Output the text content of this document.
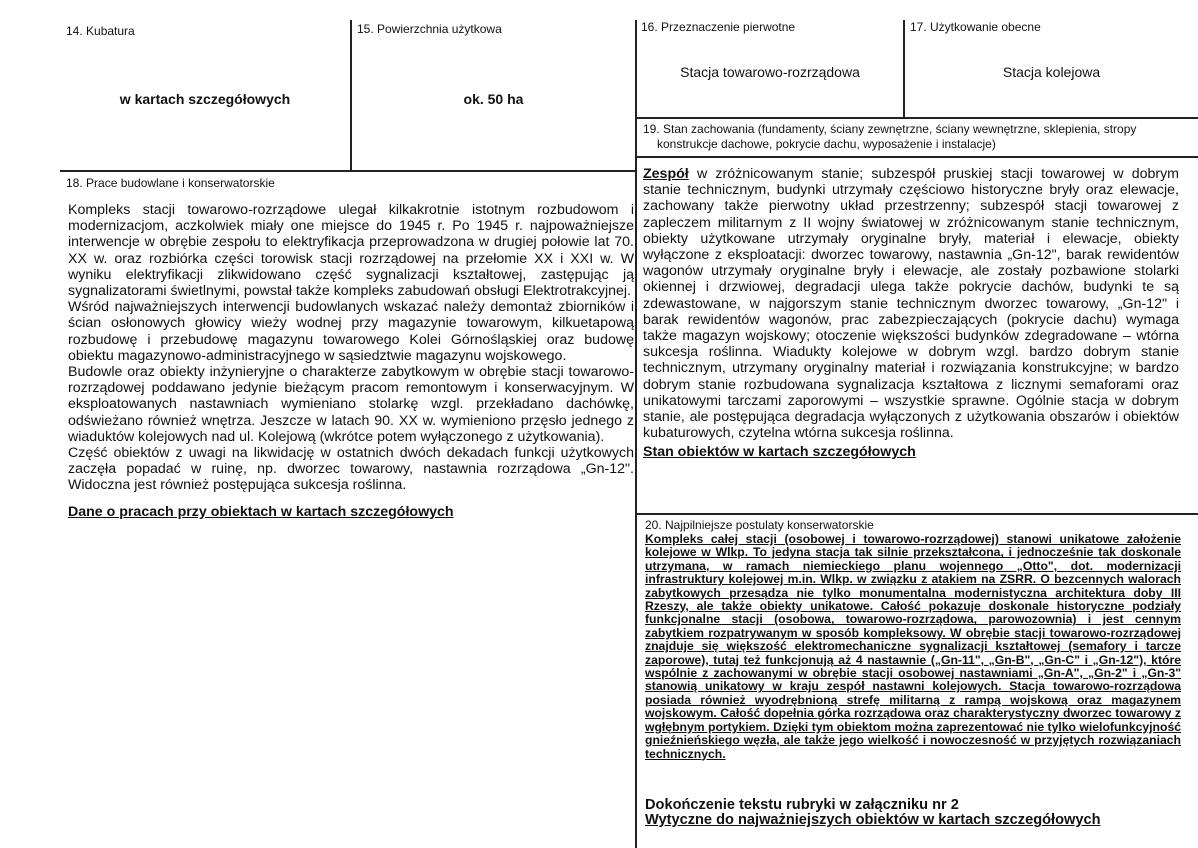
14. Kubatura
w kartach szczegółowych
15. Powierzchnia użytkowa
ok. 50 ha
16. Przeznaczenie pierwotne
Stacja towarowo-rozrządowa
17. Użytkowanie obecne
Stacja kolejowa
18. Prace budowlane i konserwatorskie

Kompleks stacji towarowo-rozrządowe ulegał kilkakrotnie istotnym rozbudowom i modernizacjom, aczkolwiek miały one miejsce do 1945 r. Po 1945 r. najpoważniejsze interwencje w obrębie zespołu to elektryfikacja przeprowadzona w drugiej połowie lat 70. XX w. oraz rozbiórka części torowisk stacji rozrządowej na przełomie XX i XXI w. W wyniku elektryfikacji zlikwidowano część sygnalizacji kształtowej, zastępując ją sygnalizatorami świetlnymi, powstał także kompleks zabudowań obsługi Elektrotrakcyjnej.

Wśród najważniejszych interwencji budowlanych wskazać należy demontaż zbiorników i ścian osłonowych głowicy wieży wodnej przy magazynie towarowym, kilkuetapową rozbudowę i przebudowę magazynu towarowego Kolei Górnośląskiej oraz budowę obiektu magazynowo-administracyjnego w sąsiedztwie magazynu wojskowego.

Budowle oraz obiekty inżynieryjne o charakterze zabytkowym w obrębie stacji towarowo-rozrządowej poddawano jedynie bieżącym pracom remontowym i konserwacyjnym. W eksploatowanych nastawniach wymieniano stolarkę wzgl. przekładano dachówkę, odświeżano również wnętrza. Jeszcze w latach 90. XX w. wymieniono przęsło jednego z wiaduktów kolejowych nad ul. Kolejową (wkrótce potem wyłączonego z użytkowania).

Część obiektów z uwagi na likwidację w ostatnich dwóch dekadach funkcji użytkowych zaczęła popadać w ruinę, np. dworzec towarowy, nastawnia rozrządowa „Gn-12". Widoczna jest również postępująca sukcesja roślinna.

Dane o pracach przy obiektach w kartach szczegółowych

19. Stan zachowania (fundamenty, ściany zewnętrzne, ściany wewnętrzne, sklepienia, stropy
konstrukcje dachowe, pokrycie dachu, wyposażenie i instalacje)

Zespół w zróżnicowanym stanie; subzespół pruskiej stacji towarowej w dobrym stanie technicznym, budynki utrzymały częściowo historyczne bryły oraz elewacje, zachowany także pierwotny układ przestrzenny; subzespół stacji towarowej z zapleczem militarnym z II wojny światowej w zróżnicowanym stanie technicznym, obiekty użytkowane utrzymały oryginalne bryły, materiał i elewacje, obiekty wyłączone z eksploatacji: dworzec towarowy, nastawnia „Gn-12", barak rewidentów wagonów utrzymały oryginalne bryły i elewacje, ale zostały pozbawione stolarki okiennej i drzwiowej, degradacji ulega także pokrycie dachów, budynki te są zdewastowane, w najgorszym stanie technicznym dworzec towarowy, „Gn-12" i barak rewidentów wagonów, prac zabezpieczających (pokrycie dachu) wymaga także magazyn wojskowy; otoczenie większości budynków zdegradowane – wtórna sukcesja roślinna. Wiadukty kolejowe w dobrym wzgl. bardzo dobrym stanie technicznym, utrzymany oryginalny materiał i rozwiązania konstrukcyjne; w bardzo dobrym stanie rozbudowana sygnalizacja kształtowa z licznymi semaforami oraz unikatowymi tarczami zaporowymi – wszystkie sprawne. Ogólnie stacja w dobrym stanie, ale postępująca degradacja wyłączonych z użytkowania obszarów i obiektów kubaturowych, czytelna wtórna sukcesja roślinna.

Stan obiektów w kartach szczegółowych

20. Najpilniejsze postulaty konserwatorskie
Kompleks całej stacji (osobowej i towarowo-rozrządowej) stanowi unikatowe założenie kolejowe w Wlkp. To jedyna stacja tak silnie przekształcona, i jednocześnie tak doskonale utrzymana, w ramach niemieckiego planu wojennego „Otto", dot. modernizacji infrastruktury kolejowej m.in. Wlkp. w związku z atakiem na ZSRR. O bezcennych walorach zabytkowych przesądza nie tylko monumentalna modernistyczna architektura doby III Rzeszy, ale także obiekty unikatowe. Całość pokazuje doskonale historyczne podziały funkcjonalne stacji (osobowa, towarowo-rozrządowa, parowozownia) i jest cennym zabytkiem rozpatrywanym w sposób kompleksowy. W obrębie stacji towarowo-rozrządowej znajduje się większość elektromechaniczne sygnalizacji kształtowej (semafory i tarcze zaporowe), tutaj też funkcjonują aż 4 nastawnie („Gn-11", „Gn-B", „Gn-C" i „Gn-12"), które wspólnie z zachowanymi w obrębie stacji osobowej nastawniami „Gn-A", „Gn-2" i „Gn-3" stanowią unikatowy w kraju zespół nastawni kolejowych. Stacja towarowo-rozrządowa posiada również wyodrębnioną strefę militarną z rampą wojskową oraz magazynem wojskowym. Całość dopełnia górka rozrządowa oraz charakterystyczny dworzec towarowy z wgłębnym portykiem. Dzięki tym obiektom można zaprezentować nie tylko wielofunkcyjność gnieźnieńskiego węzła, ale także jego wielkość i nowoczesność w przyjętych rozwiązaniach technicznych.
Dokończenie tekstu rubryki w załączniku nr 2
Wytyczne do najważniejszych obiektów w kartach szczegółowych
